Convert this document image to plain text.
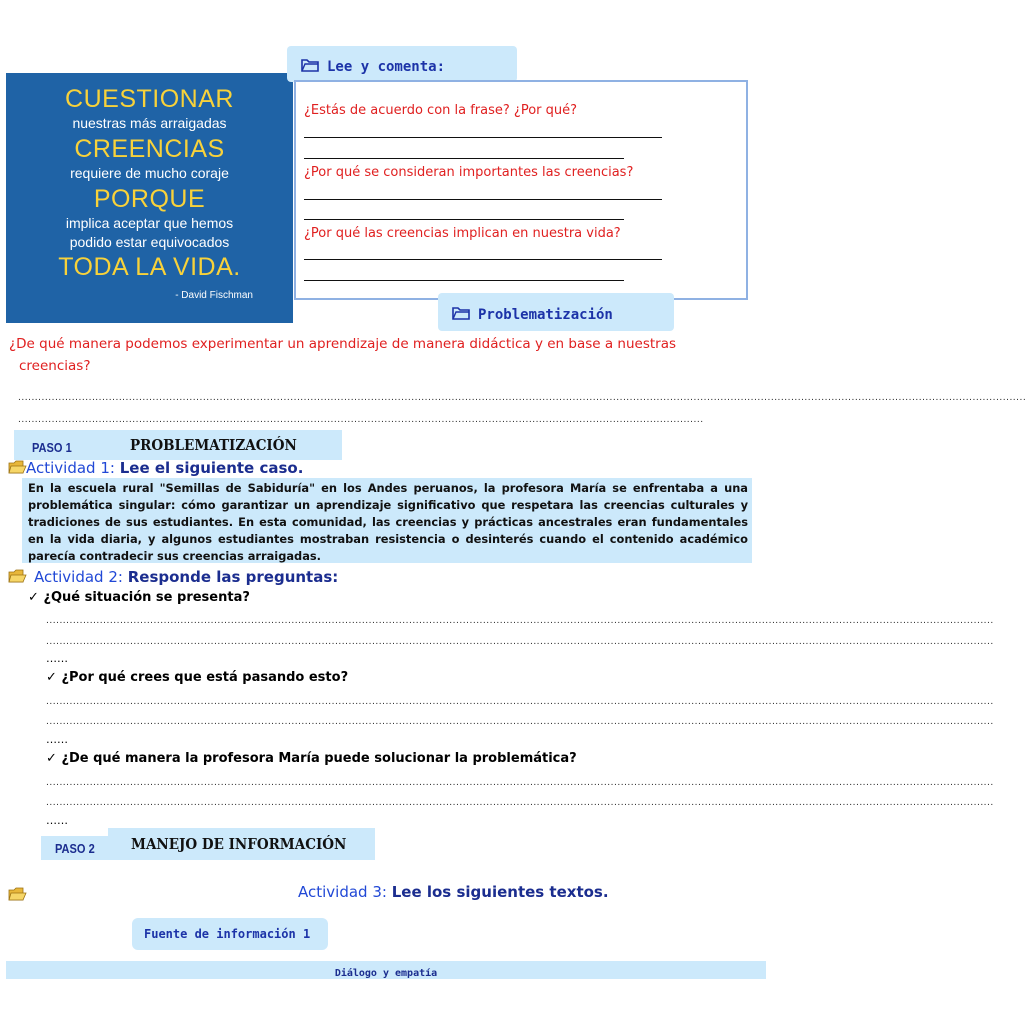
CUESTIONAR
nuestras más arraigadas
CREENCIAS
requiere de mucho coraje
PORQUE
implica aceptar que hemos
podido estar equivocados
TODA LA VIDA.
- David Fischman
Lee y comenta:
¿Estás de acuerdo con la frase? ¿Por qué?
¿Por qué se consideran importantes las creencias?
¿Por qué las creencias implican en nuestra vida?
Problematización
¿De qué manera podemos experimentar un aprendizaje de manera didáctica y en base a nuestras creencias?
............................................................................................................................................................................................................................................................................................................
............................................................................................................................................................................................................
PASO 1	PROBLEMATIZACIÓN
Actividad 1: Lee el siguiente caso.
En la escuela rural "Semillas de Sabiduría" en los Andes peruanos, la profesora María se enfrentaba a una problemática singular: cómo garantizar un aprendizaje significativo que respetara las creencias culturales y tradiciones de sus estudiantes. En esta comunidad, las creencias y prácticas ancestrales eran fundamentales en la vida diaria, y algunos estudiantes mostraban resistencia o desinterés cuando el contenido académico parecía contradecir sus creencias arraigadas.
Actividad 2: Responde las preguntas:
✓ ¿Qué situación se presenta?
..........................................................................................................................................................................................................................................................................................
..........................................................................................................................................................................................................................................................................................
……
✓ ¿Por qué crees que está pasando esto?
..........................................................................................................................................................................................................................................................................................
..........................................................................................................................................................................................................................................................................................
……
✓ ¿De qué manera la profesora María puede solucionar la problemática?
..........................................................................................................................................................................................................................................................................................
..........................................................................................................................................................................................................................................................................................
……
PASO 2 MANEJO DE INFORMACIÓN
Actividad 3: Lee los siguientes textos.
Fuente de información 1
Diálogo y empatía
